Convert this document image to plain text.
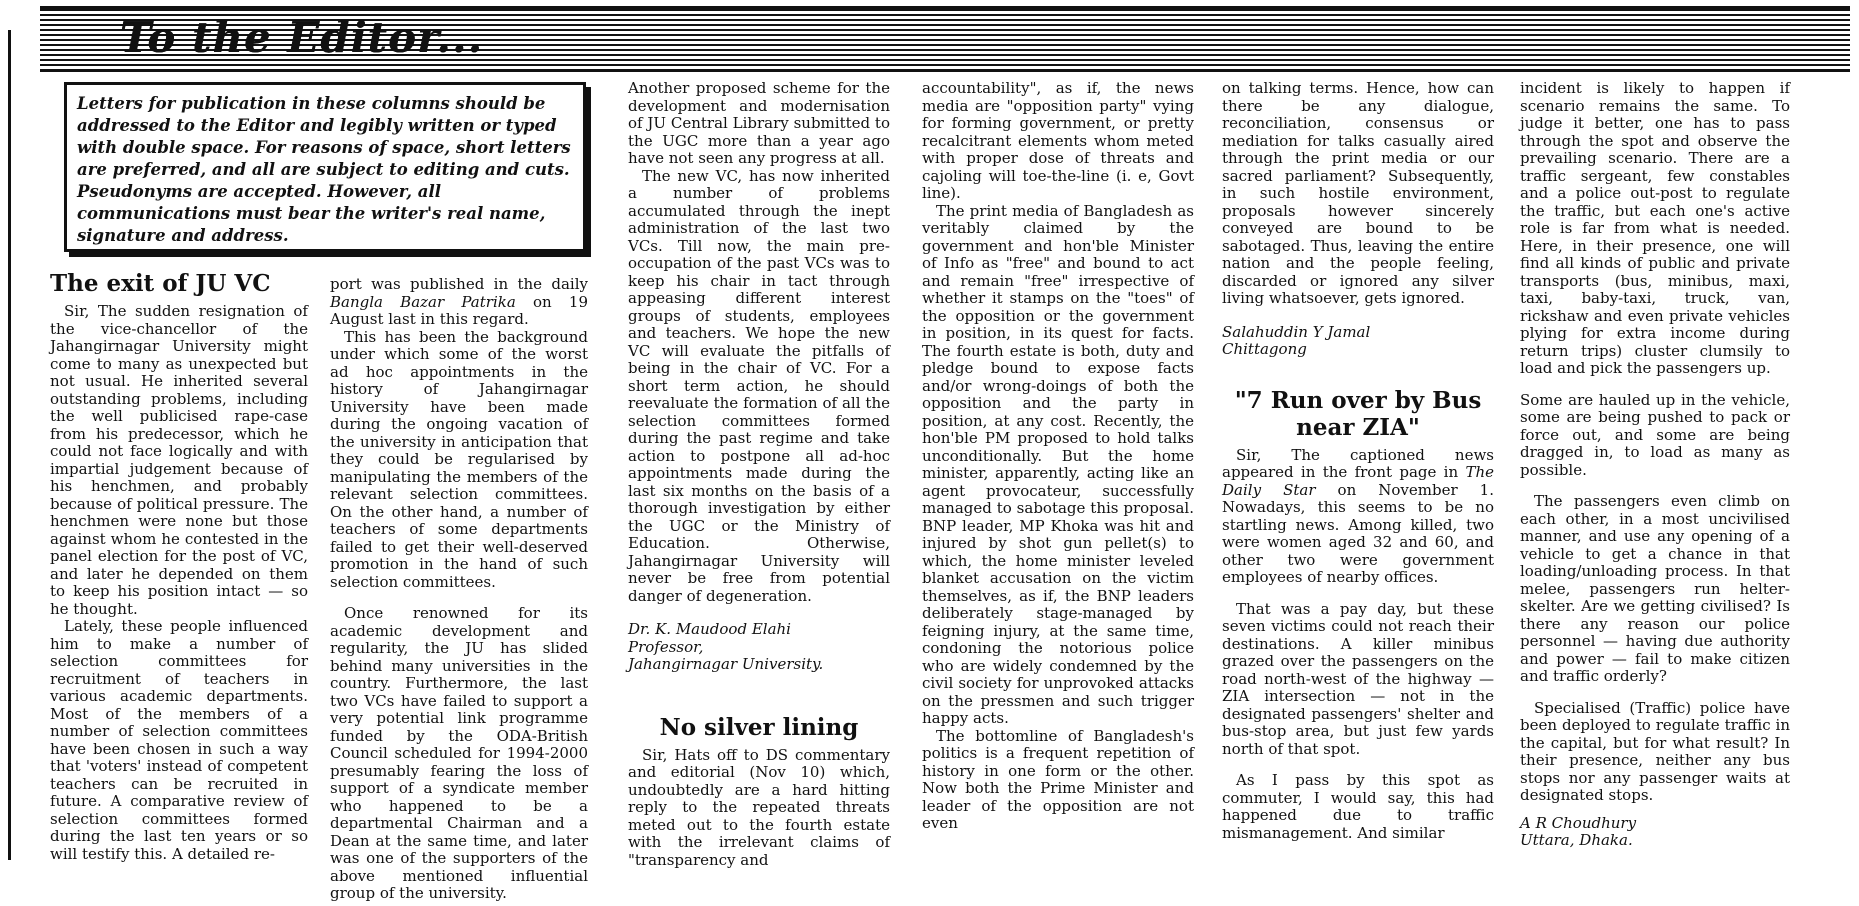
To the Editor...
Letters for publication in these columns should be addressed to the Editor and legibly written or typed with double space. For reasons of space, short letters are preferred, and all are subject to editing and cuts. Pseudonyms are accepted. However, all communications must bear the writer's real name, signature and address.
The exit of JU VC

Sir, The sudden resignation of the vice-chancellor of the Jahangirnagar University might come to many as unexpected but not usual. He inherited several outstanding problems, including the well publicised rape-case from his predecessor, which he could not face logically and with impartial judgement because of his henchmen, and probably because of political pressure. The henchmen were none but those against whom he contested in the panel election for the post of VC, and later he depended on them to keep his position intact — so he thought.

Lately, these people influenced him to make a number of selection committees for recruitment of teachers in various academic departments. Most of the members of a number of selection committees have been chosen in such a way that 'voters' instead of competent teachers can be recruited in future. A comparative review of selection committees formed during the last ten years or so will testify this. A detailed re-

port was published in the daily Bangla Bazar Patrika on 19 August last in this regard.

This has been the background under which some of the worst ad hoc appointments in the history of Jahangirnagar University have been made during the ongoing vacation of the university in anticipation that they could be regularised by manipulating the members of the relevant selection committees. On the other hand, a number of teachers of some departments failed to get their well-deserved promotion in the hand of such selection committees.

Once renowned for its academic development and regularity, the JU has slided behind many universities in the country. Furthermore, the last two VCs have failed to support a very potential link programme funded by the ODA-British Council scheduled for 1994-2000 presumably fearing the loss of support of a syndicate member who happened to be a departmental Chairman and a Dean at the same time, and later was one of the supporters of the above mentioned influential group of the university.

Another proposed scheme for the development and modernisation of JU Central Library submitted to the UGC more than a year ago have not seen any progress at all.

The new VC, has now inherited a number of problems accumulated through the inept administration of the last two VCs. Till now, the main pre-occupation of the past VCs was to keep his chair in tact through appeasing different interest groups of students, employees and teachers. We hope the new VC will evaluate the pitfalls of being in the chair of VC. For a short term action, he should reevaluate the formation of all the selection committees formed during the past regime and take action to postpone all ad-hoc appointments made during the last six months on the basis of a thorough investigation by either the UGC or the Ministry of Education. Otherwise, Jahangirnagar University will never be free from potential danger of degeneration.

Dr. K. Maudood Elahi

Professor,

Jahangirnagar University.

No silver lining

Sir, Hats off to DS commentary and editorial (Nov 10) which, undoubtedly are a hard hitting reply to the repeated threats meted out to the fourth estate with the irrelevant claims of "transparency and

accountability", as if, the news media are "opposition party" vying for forming government, or pretty recalcitrant elements whom meted with proper dose of threats and cajoling will toe-the-line (i. e, Govt line).

The print media of Bangladesh as veritably claimed by the government and hon'ble Minister of Info as "free" and bound to act and remain "free" irrespective of whether it stamps on the "toes" of the opposition or the government in position, in its quest for facts. The fourth estate is both, duty and pledge bound to expose facts and/or wrong-doings of both the opposition and the party in position, at any cost. Recently, the hon'ble PM proposed to hold talks unconditionally. But the home minister, apparently, acting like an agent provocateur, successfully managed to sabotage this proposal. BNP leader, MP Khoka was hit and injured by shot gun pellet(s) to which, the home minister leveled blanket accusation on the victim themselves, as if, the BNP leaders deliberately stage-managed by feigning injury, at the same time, condoning the notorious police who are widely condemned by the civil society for unprovoked attacks on the pressmen and such trigger happy acts.

The bottomline of Bangladesh's politics is a frequent repetition of history in one form or the other. Now both the Prime Minister and leader of the opposition are not even

on talking terms. Hence, how can there be any dialogue, reconciliation, consensus or mediation for talks casually aired through the print media or our sacred parliament? Subsequently, in such hostile environment, proposals however sincerely conveyed are bound to be sabotaged. Thus, leaving the entire nation and the people feeling, discarded or ignored any silver living whatsoever, gets ignored.

Salahuddin Y Jamal

Chittagong

"7 Run over by Bus near ZIA"

Sir, The captioned news appeared in the front page in The Daily Star on November 1. Nowadays, this seems to be no startling news. Among killed, two were women aged 32 and 60, and other two were government employees of nearby offices.

That was a pay day, but these seven victims could not reach their destinations. A killer minibus grazed over the passengers on the road north-west of the highway — ZIA intersection — not in the designated passengers' shelter and bus-stop area, but just few yards north of that spot.

As I pass by this spot as commuter, I would say, this had happened due to traffic mismanagement. And similar

incident is likely to happen if scenario remains the same. To judge it better, one has to pass through the spot and observe the prevailing scenario. There are a traffic sergeant, few constables and a police out-post to regulate the traffic, but each one's active role is far from what is needed. Here, in their presence, one will find all kinds of public and private transports (bus, minibus, maxi, taxi, baby-taxi, truck, van, rickshaw and even private vehicles plying for extra income during return trips) cluster clumsily to load and pick the passengers up.

Some are hauled up in the vehicle, some are being pushed to pack or force out, and some are being dragged in, to load as many as possible.

The passengers even climb on each other, in a most uncivilised manner, and use any opening of a vehicle to get a chance in that loading/unloading process. In that melee, passengers run helter-skelter. Are we getting civilised? Is there any reason our police personnel — having due authority and power — fail to make citizen and traffic orderly?

Specialised (Traffic) police have been deployed to regulate traffic in the capital, but for what result? In their presence, neither any bus stops nor any passenger waits at designated stops.

A R Choudhury

Uttara, Dhaka.
